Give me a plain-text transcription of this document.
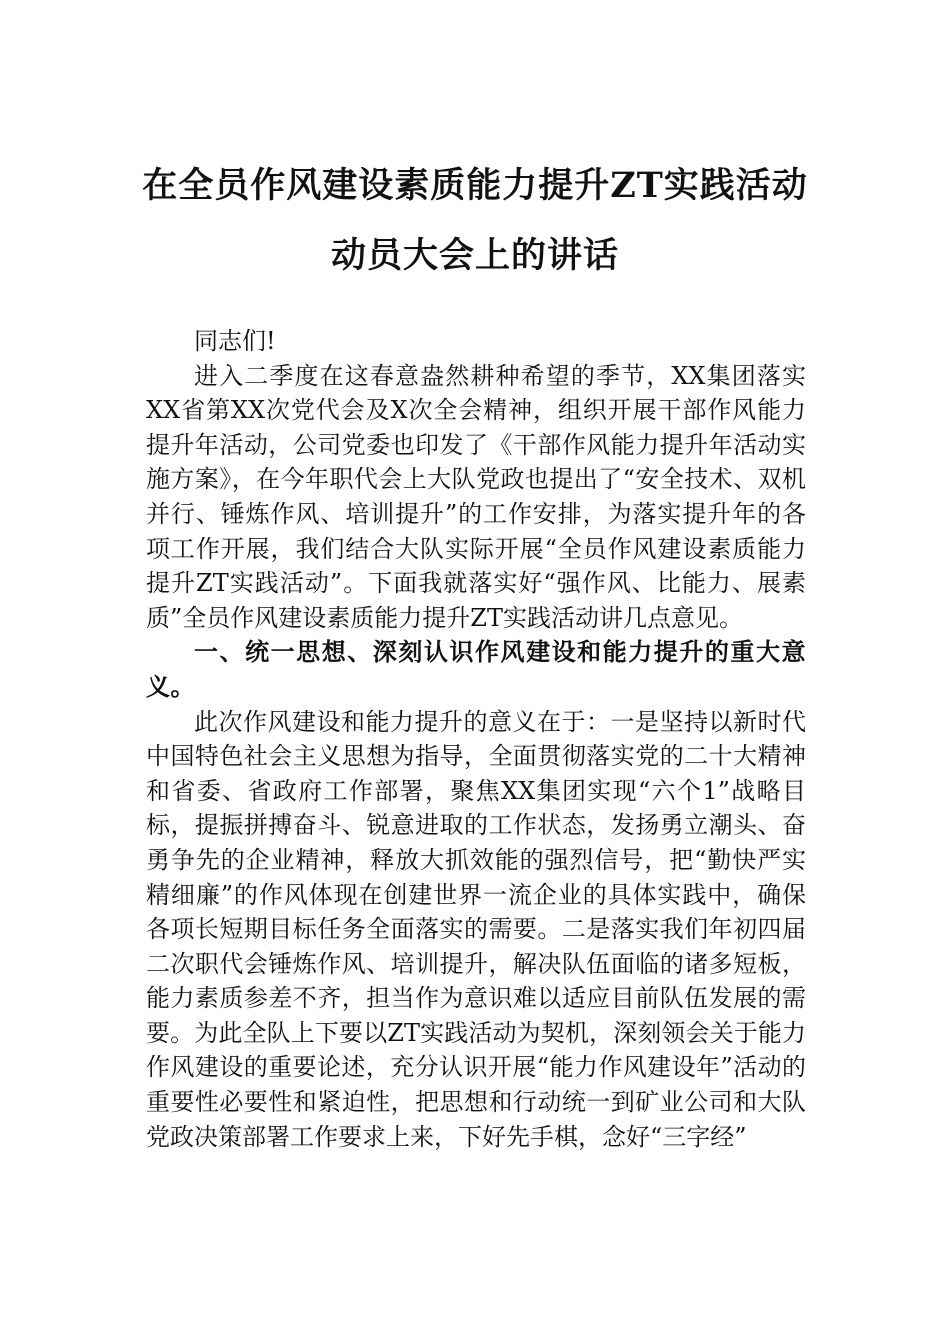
在全员作风建设素质能力提升ZT实践活动
动员大会上的讲话

同志们!

进入二季度在这春意盎然耕种希望的季节，XX集团落实XX省第XX次党代会及X次全会精神，组织开展干部作风能力提升年活动，公司党委也印发了《干部作风能力提升年活动实施方案》，在今年职代会上大队党政也提出了“安全技术、双机并行、锤炼作风、培训提升”的工作安排，为落实提升年的各项工作开展，我们结合大队实际开展“全员作风建设素质能力提升ZT实践活动”。下面我就落实好“强作风、比能力、展素质”全员作风建设素质能力提升ZT实践活动讲几点意见。

一、统一思想、深刻认识作风建设和能力提升的重大意义。

此次作风建设和能力提升的意义在于：一是坚持以新时代中国特色社会主义思想为指导，全面贯彻落实党的二十大精神和省委、省政府工作部署，聚焦XX集团实现“六个1”战略目标，提振拼搏奋斗、锐意进取的工作状态，发扬勇立潮头、奋勇争先的企业精神，释放大抓效能的强烈信号，把“勤快严实精细廉”的作风体现在创建世界一流企业的具体实践中，确保各项长短期目标任务全面落实的需要。二是落实我们年初四届二次职代会锤炼作风、培训提升，解决队伍面临的诸多短板，能力素质参差不齐，担当作为意识难以适应目前队伍发展的需要。为此全队上下要以ZT实践活动为契机，深刻领会关于能力作风建设的重要论述，充分认识开展“能力作风建设年”活动的重要性必要性和紧迫性，把思想和行动统一到矿业公司和大队党政决策部署工作要求上来，下好先手棋，念好“三字经”
